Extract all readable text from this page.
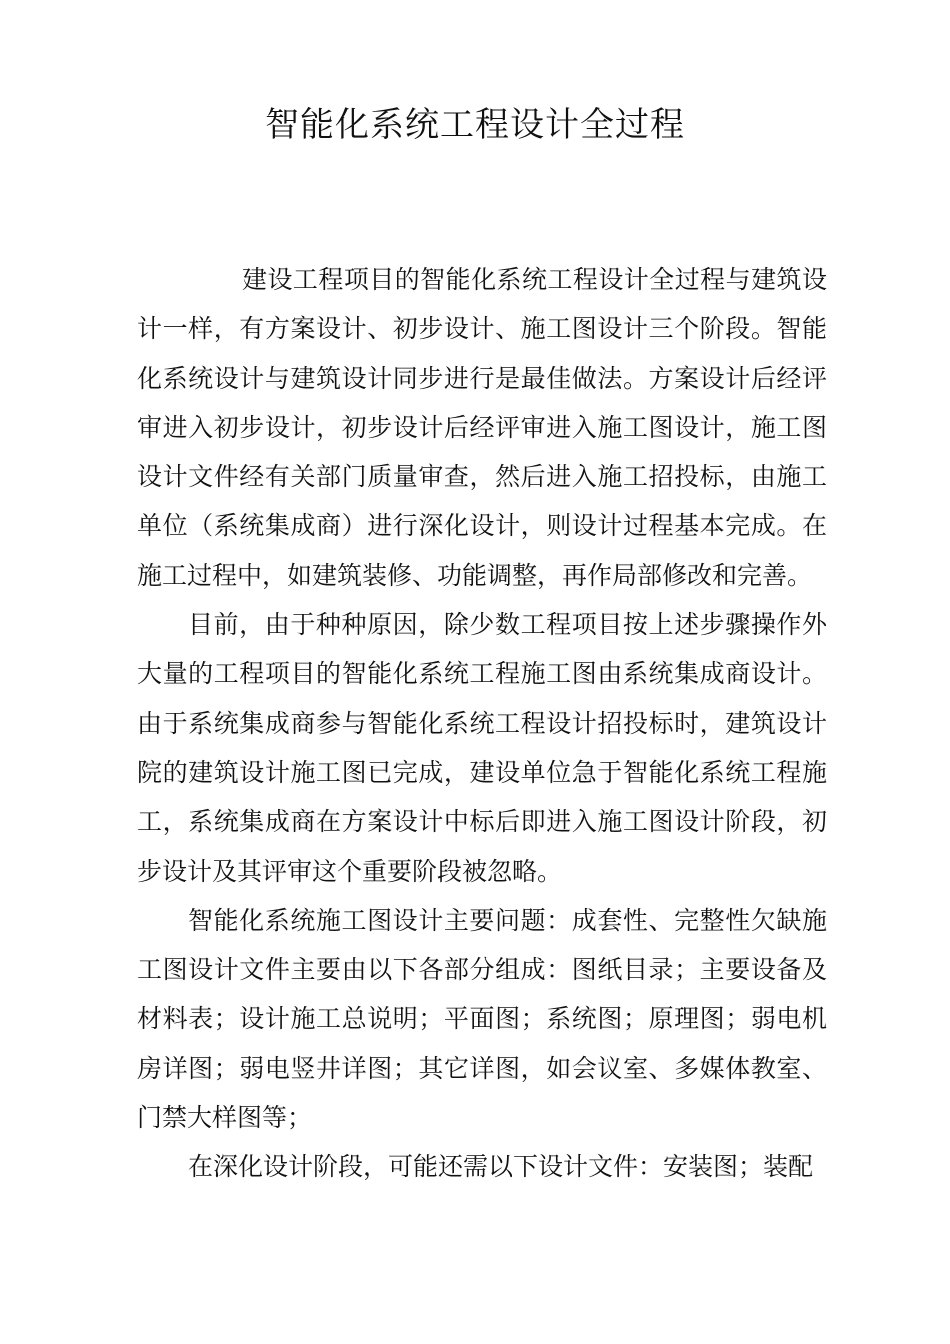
智能化系统工程设计全过程

建设工程项目的智能化系统工程设计全过程与建筑设计一样，有方案设计、初步设计、施工图设计三个阶段。智能化系统设计与建筑设计同步进行是最佳做法。方案设计后经评审进入初步设计，初步设计后经评审进入施工图设计，施工图设计文件经有关部门质量审查，然后进入施工招投标，由施工单位（系统集成商）进行深化设计，则设计过程基本完成。在施工过程中，如建筑装修、功能调整，再作局部修改和完善。

目前，由于种种原因，除少数工程项目按上述步骤操作外大量的工程项目的智能化系统工程施工图由系统集成商设计。由于系统集成商参与智能化系统工程设计招投标时，建筑设计院的建筑设计施工图已完成，建设单位急于智能化系统工程施工，系统集成商在方案设计中标后即进入施工图设计阶段，初步设计及其评审这个重要阶段被忽略。

智能化系统施工图设计主要问题：成套性、完整性欠缺施工图设计文件主要由以下各部分组成：图纸目录；主要设备及材料表；设计施工总说明；平面图；系统图；原理图；弱电机房详图；弱电竖井详图；其它详图，如会议室、多媒体教室、门禁大样图等；

在深化设计阶段，可能还需以下设计文件：安装图；装配
